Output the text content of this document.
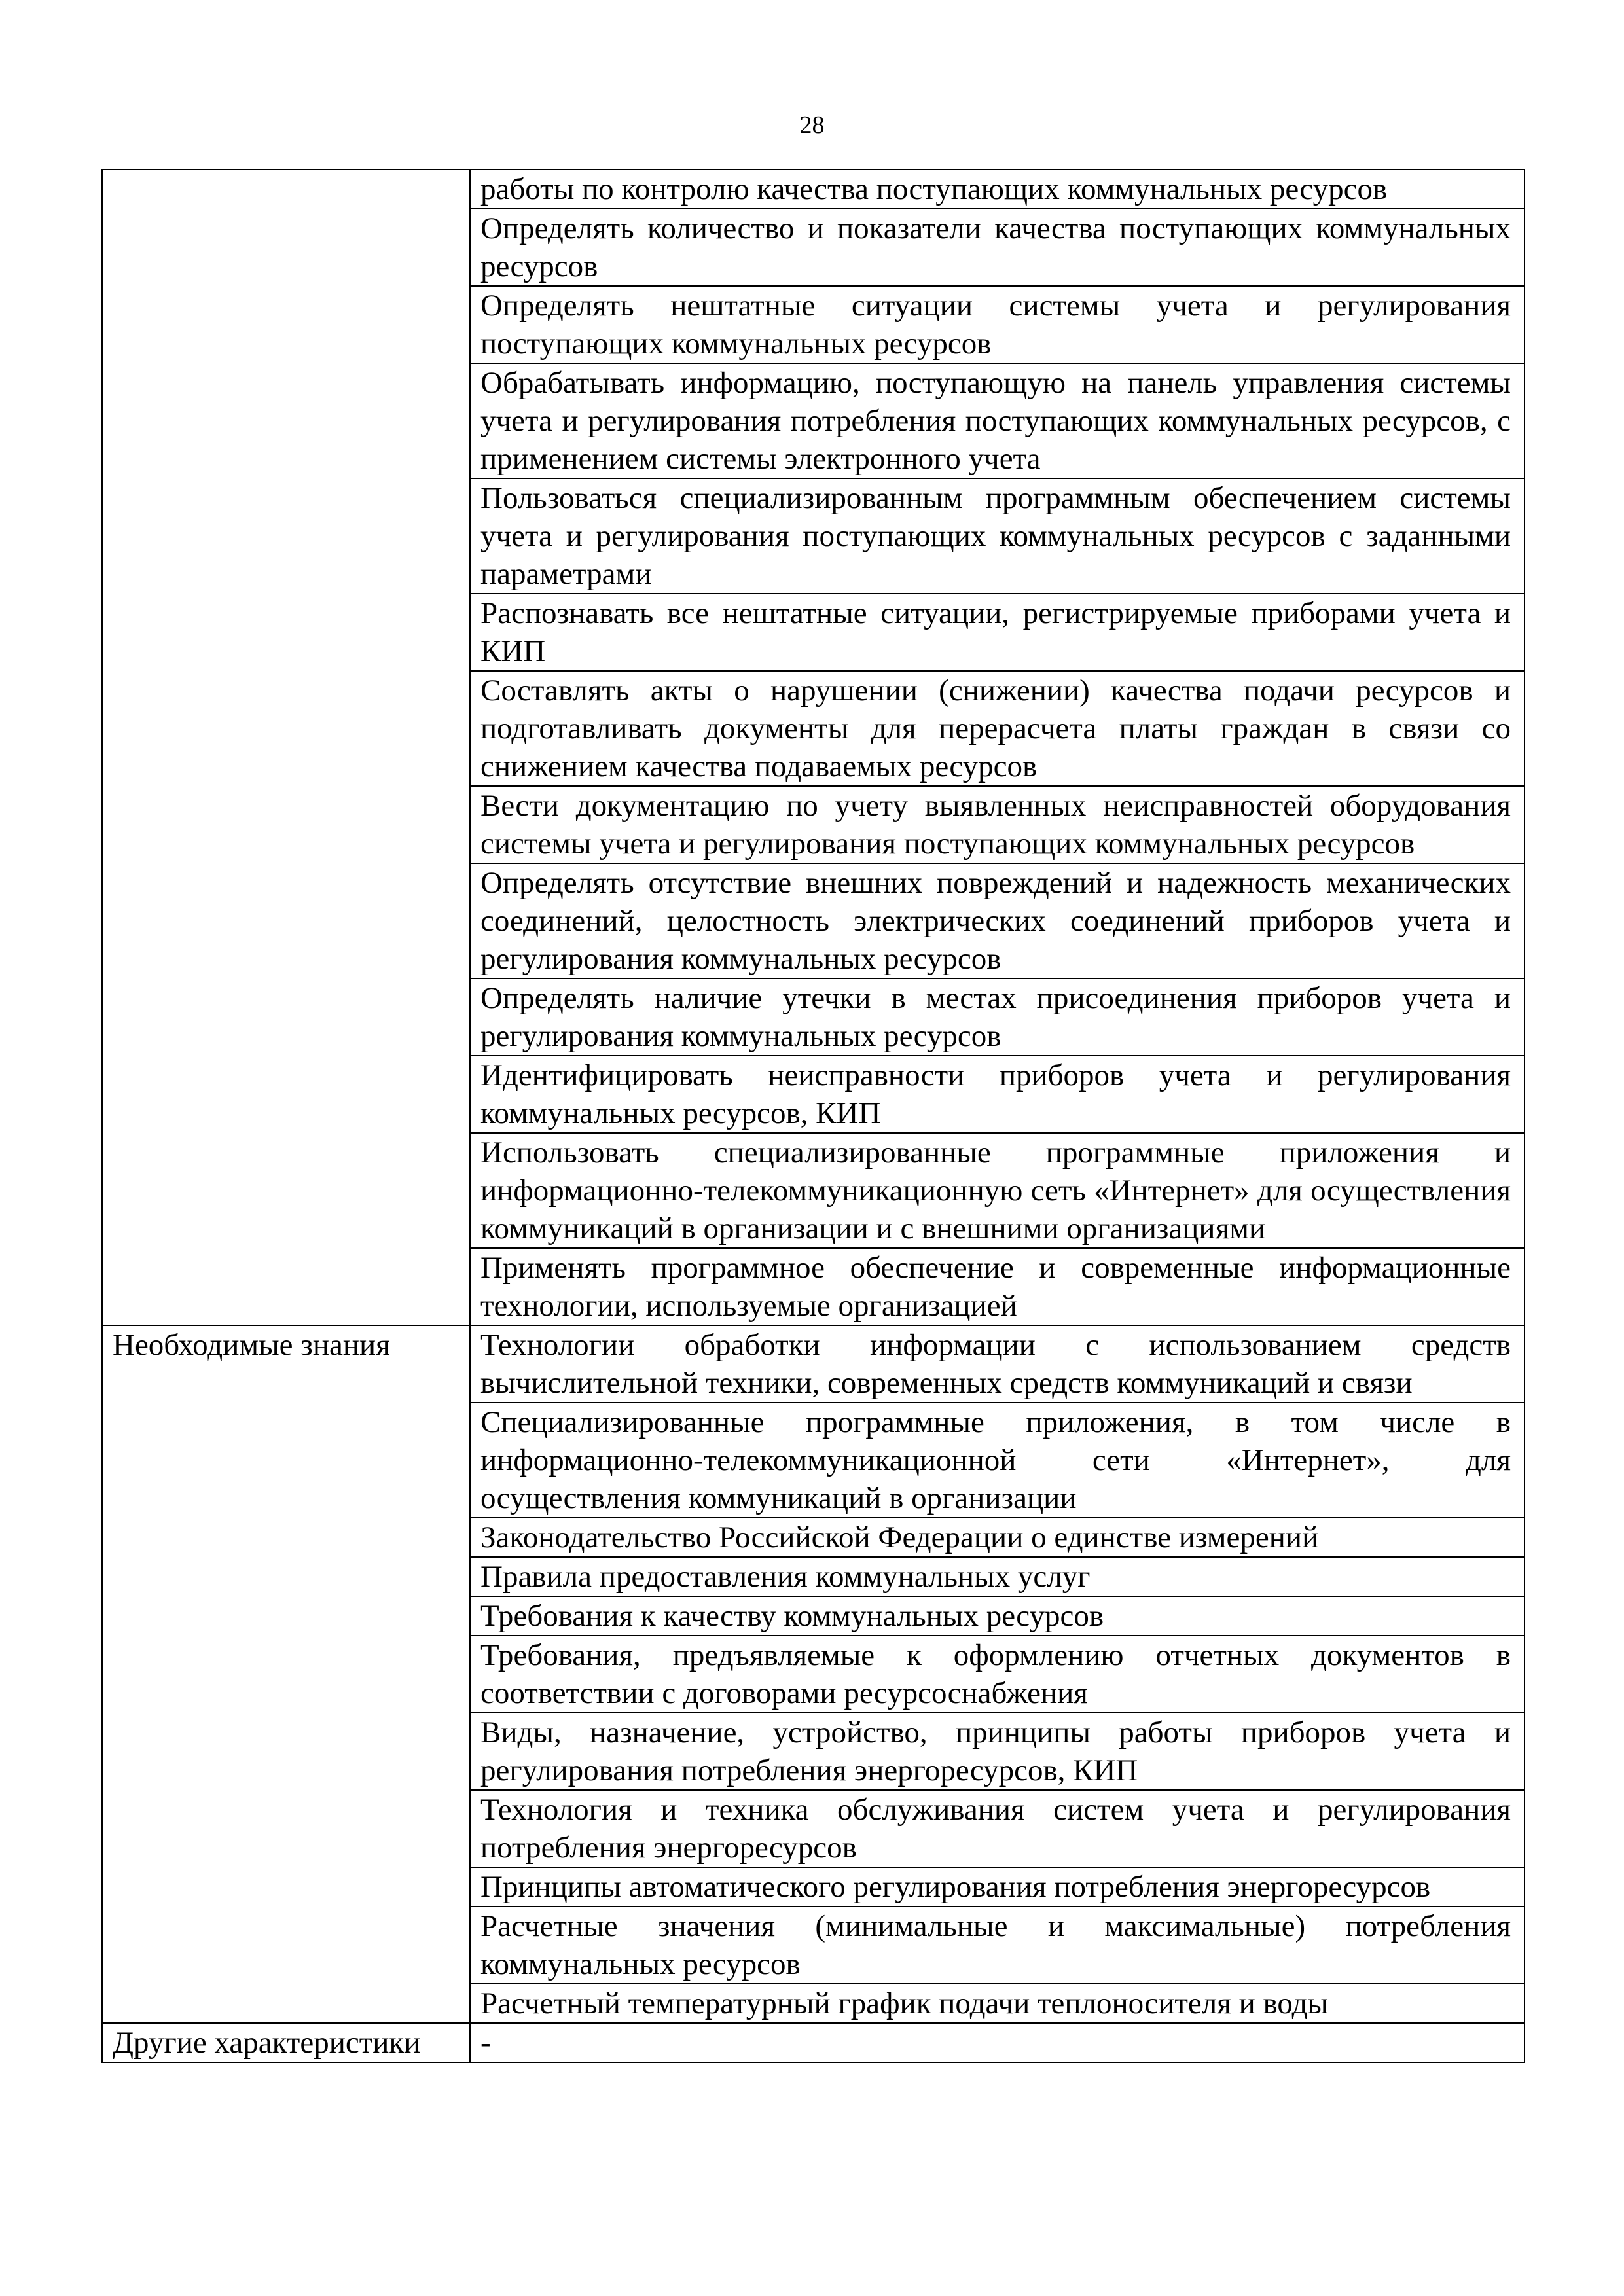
28
	работы по контролю качества поступающих коммунальных ресурсов
	Определять количество и показатели качества поступающих коммунальных ресурсов
	Определять нештатные ситуации системы учета и регулирования поступающих коммунальных ресурсов
	Обрабатывать информацию, поступающую на панель управления системы учета и регулирования потребления поступающих коммунальных ресурсов, с применением системы электронного учета
	Пользоваться специализированным программным обеспечением системы учета и регулирования поступающих коммунальных ресурсов с заданными параметрами
	Распознавать все нештатные ситуации, регистрируемые приборами учета и КИП
	Составлять акты о нарушении (снижении) качества подачи ресурсов и подготавливать документы для перерасчета платы граждан в связи со снижением качества подаваемых ресурсов
	Вести документацию по учету выявленных неисправностей оборудования системы учета и регулирования поступающих коммунальных ресурсов
	Определять отсутствие внешних повреждений и надежность механических соединений, целостность электрических соединений приборов учета и регулирования коммунальных ресурсов
	Определять наличие утечки в местах присоединения приборов учета и регулирования коммунальных ресурсов
	Идентифицировать неисправности приборов учета и регулирования коммунальных ресурсов, КИП
	Использовать специализированные программные приложения и информационно-телекоммуникационную сеть «Интернет» для осуществления коммуникаций в организации и с внешними организациями
	Применять программное обеспечение и современные информационные технологии, используемые организацией
Необходимые знания	Технологии обработки информации с использованием средств вычислительной техники, современных средств коммуникаций и связи
	Специализированные программные приложения, в том числе в информационно-телекоммуникационной сети «Интернет», для осуществления коммуникаций в организации
	Законодательство Российской Федерации о единстве измерений
	Правила предоставления коммунальных услуг
	Требования к качеству коммунальных ресурсов
	Требования, предъявляемые к оформлению отчетных документов в соответствии с договорами ресурсоснабжения
	Виды, назначение, устройство, принципы работы приборов учета и регулирования потребления энергоресурсов, КИП
	Технология и техника обслуживания систем учета и регулирования потребления энергоресурсов
	Принципы автоматического регулирования потребления энергоресурсов
	Расчетные значения (минимальные и максимальные) потребления коммунальных ресурсов
	Расчетный температурный график подачи теплоносителя и воды
Другие характеристики	-
